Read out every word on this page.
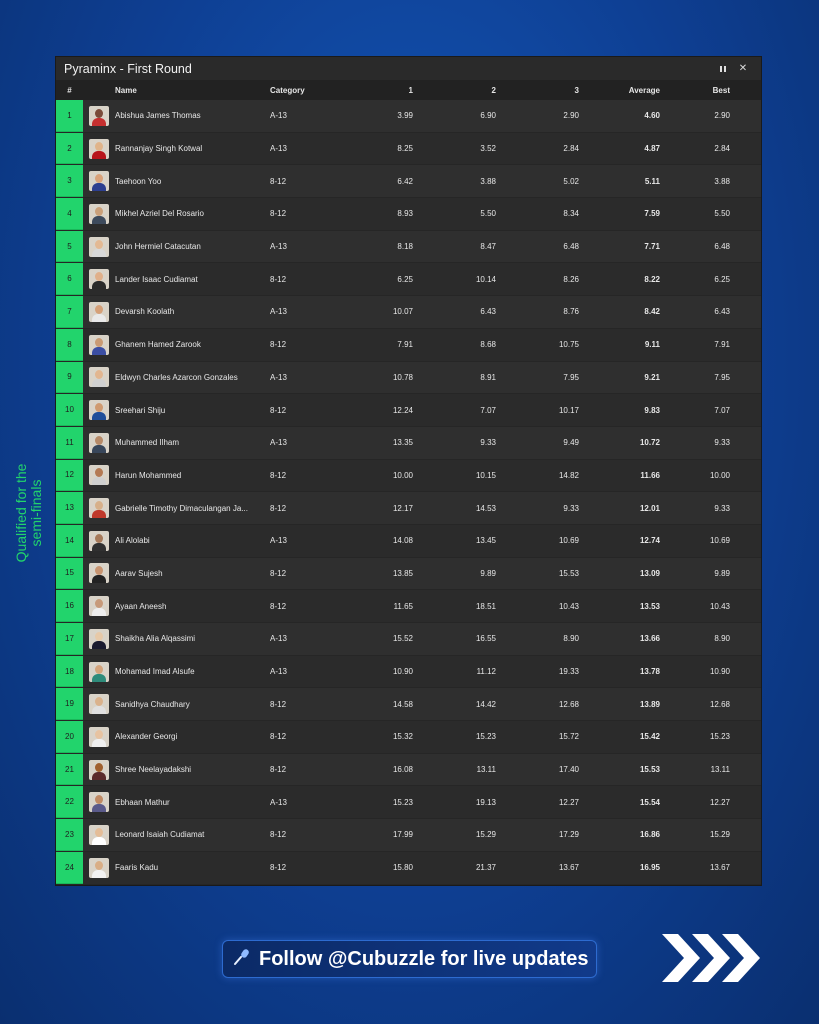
Pyraminx - First Round	✕
#	Name	Category	1	2	3	Average	Best
1	Abishua James Thomas	A-13	3.99	6.90	2.90	4.60	2.90
2	Rannanjay Singh Kotwal	A-13	8.25	3.52	2.84	4.87	2.84
3	Taehoon Yoo	8-12	6.42	3.88	5.02	5.11	3.88
4	Mikhel Azriel Del Rosario	8-12	8.93	5.50	8.34	7.59	5.50
5	John Hermiel Catacutan	A-13	8.18	8.47	6.48	7.71	6.48
6	Lander Isaac Cudiamat	8-12	6.25	10.14	8.26	8.22	6.25
7	Devarsh Koolath	A-13	10.07	6.43	8.76	8.42	6.43
8	Ghanem Hamed Zarook	8-12	7.91	8.68	10.75	9.11	7.91
9	Eldwyn Charles Azarcon Gonzales	A-13	10.78	8.91	7.95	9.21	7.95
10	Sreehari Shiju	8-12	12.24	7.07	10.17	9.83	7.07
11	Muhammed Ilham	A-13	13.35	9.33	9.49	10.72	9.33
12	Harun Mohammed	8-12	10.00	10.15	14.82	11.66	10.00
13	Gabrielle Timothy Dimaculangan Ja...	8-12	12.17	14.53	9.33	12.01	9.33
14	Ali Alolabi	A-13	14.08	13.45	10.69	12.74	10.69
15	Aarav Sujesh	8-12	13.85	9.89	15.53	13.09	9.89
16	Ayaan Aneesh	8-12	11.65	18.51	10.43	13.53	10.43
17	Shaikha Alia Alqassimi	A-13	15.52	16.55	8.90	13.66	8.90
18	Mohamad Imad Alsufe	A-13	10.90	11.12	19.33	13.78	10.90
19	Sanidhya Chaudhary	8-12	14.58	14.42	12.68	13.89	12.68
20	Alexander Georgi	8-12	15.32	15.23	15.72	15.42	15.23
21	Shree Neelayadakshi	8-12	16.08	13.11	17.40	15.53	13.11
22	Ebhaan Mathur	A-13	15.23	19.13	12.27	15.54	12.27
23	Leonard Isaiah Cudiamat	8-12	17.99	15.29	17.29	16.86	15.29
24	Faaris Kadu	8-12	15.80	21.37	13.67	16.95	13.67
Qualified for the semi-finals
Follow @Cubuzzle for live updates
